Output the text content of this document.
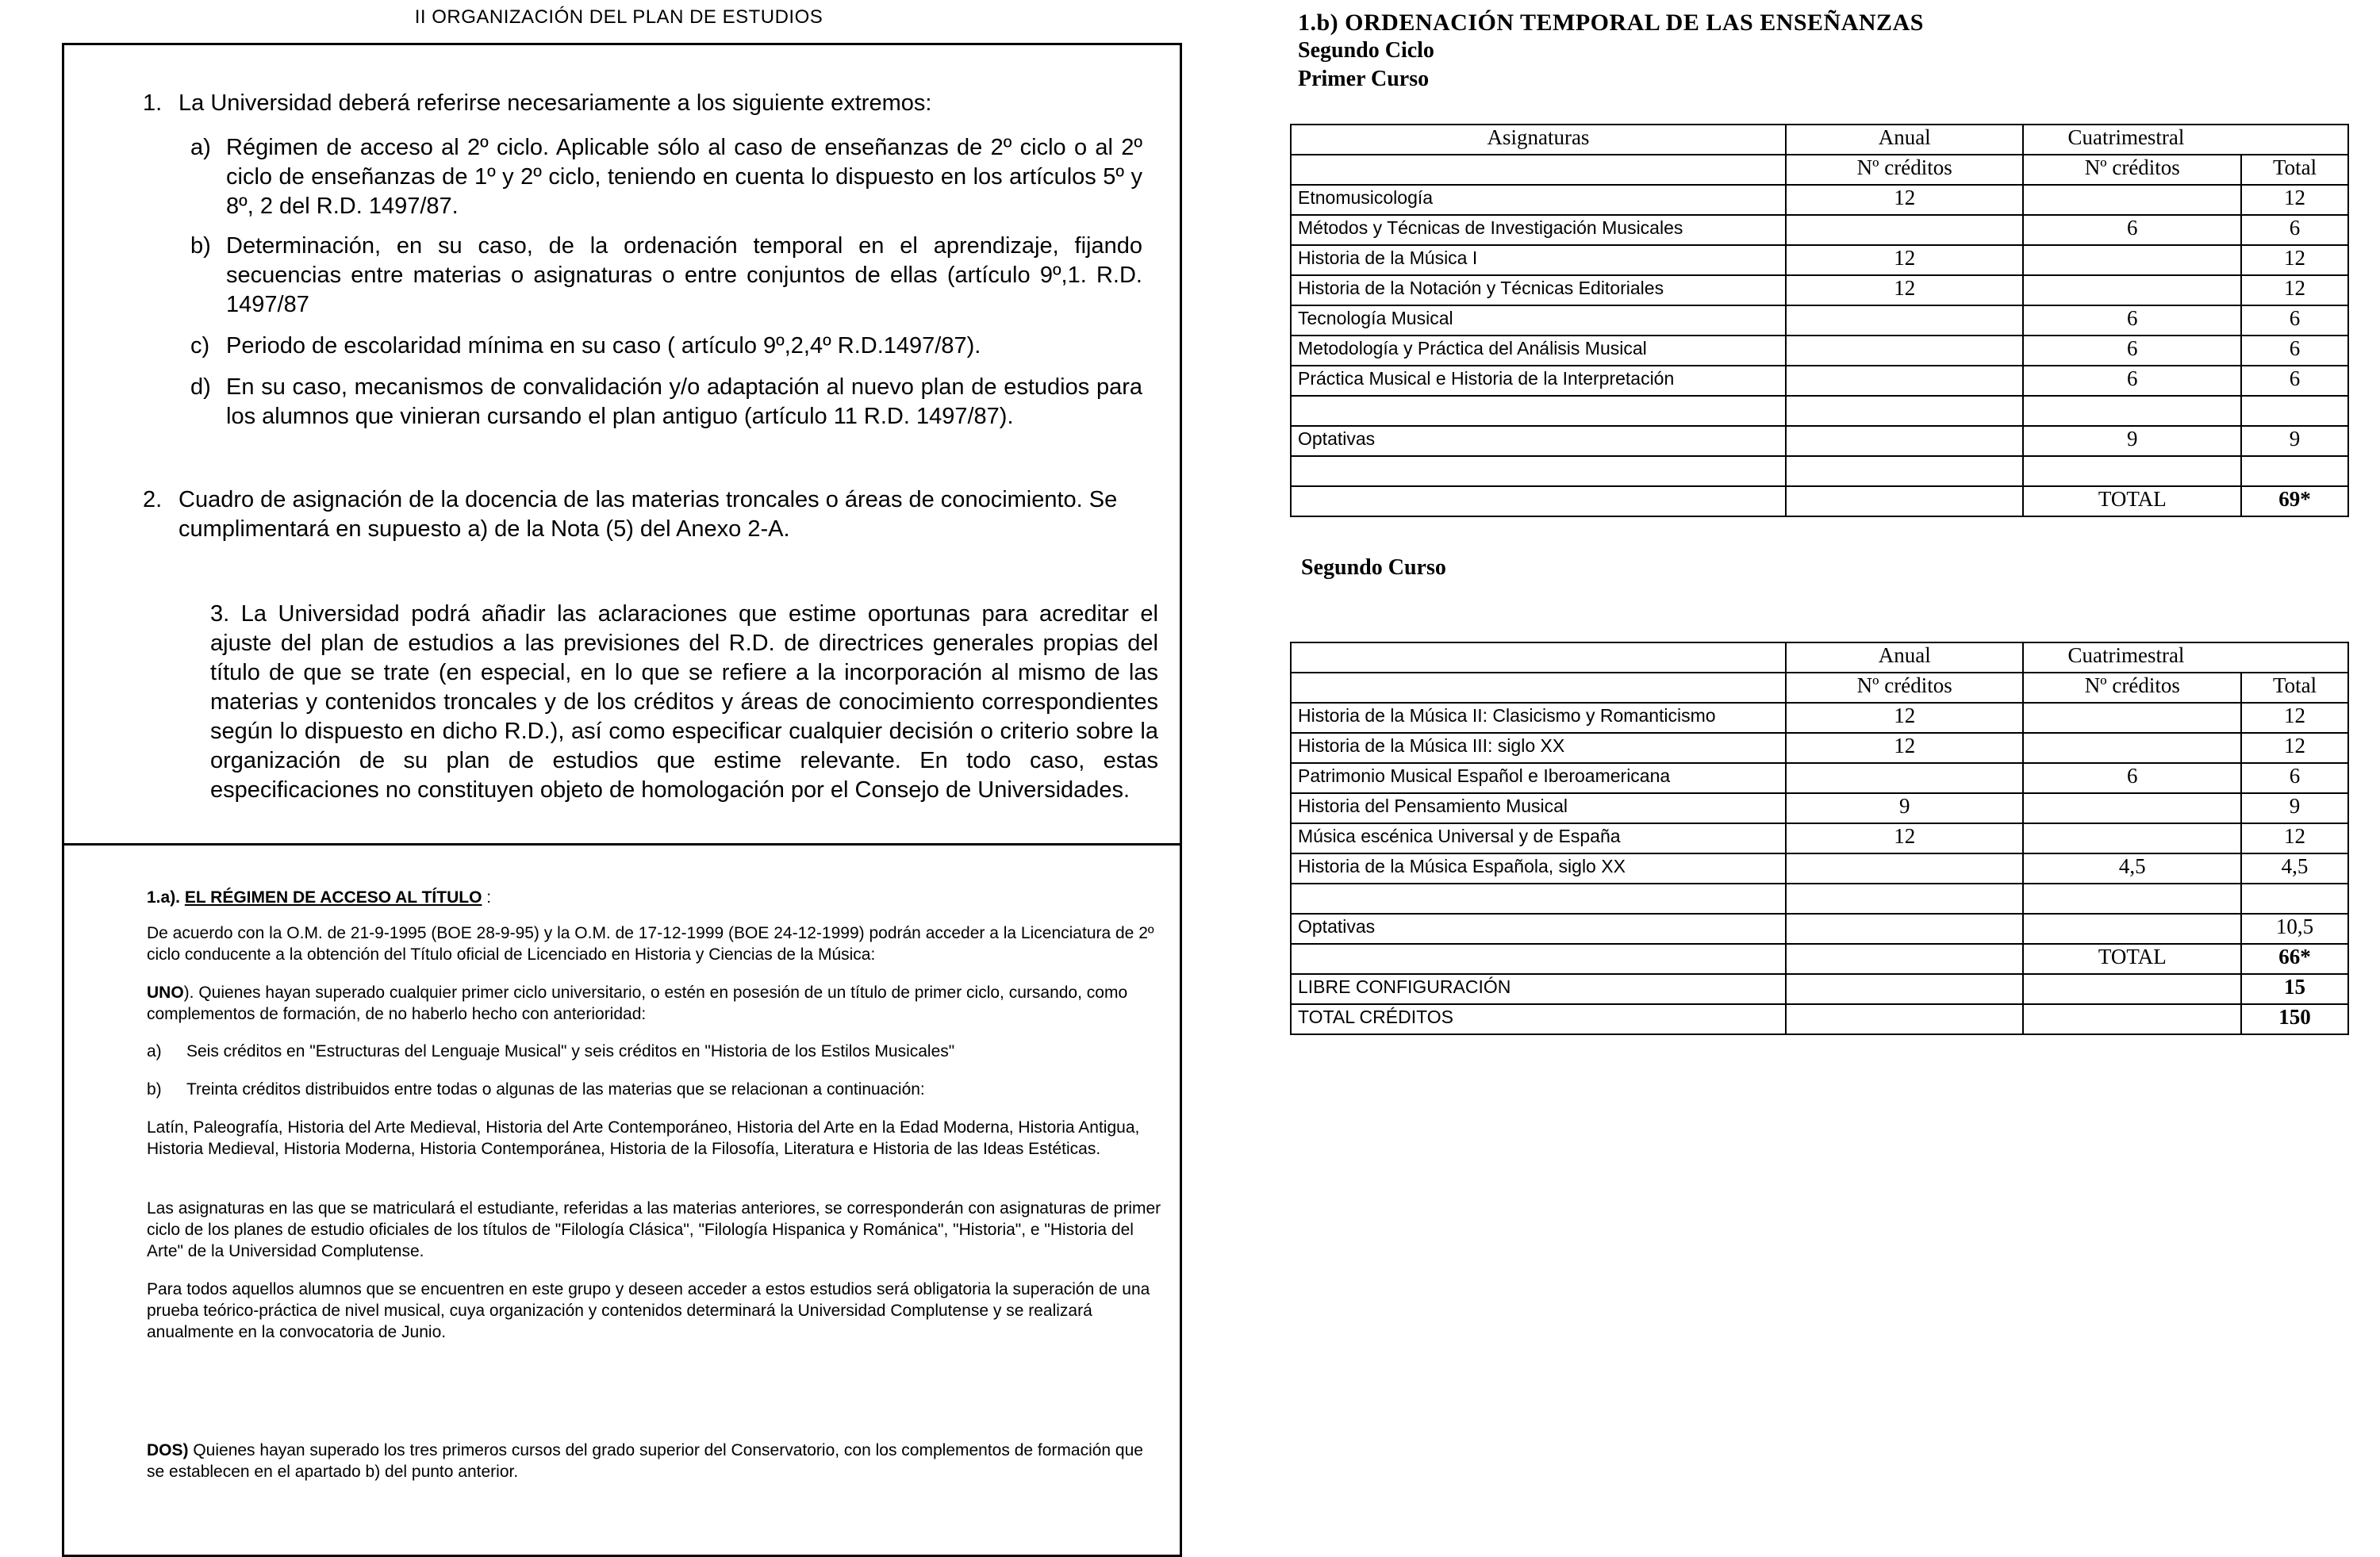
II ORGANIZACIÓN DEL PLAN DE ESTUDIOS
1. La Universidad deberá referirse necesariamente a los siguiente extremos:
a) Régimen de acceso al 2º ciclo. Aplicable sólo al caso de enseñanzas de 2º ciclo o al 2º ciclo de enseñanzas de 1º y 2º ciclo, teniendo en cuenta lo dispuesto en los artículos 5º y 8º, 2 del R.D. 1497/87.
b) Determinación, en su caso, de la ordenación temporal en el aprendizaje, fijando secuencias entre materias o asignaturas o entre conjuntos de ellas (artículo 9º,1. R.D. 1497/87
c) Periodo de escolaridad mínima en su caso ( artículo 9º,2,4º R.D.1497/87).
d) En su caso, mecanismos de convalidación y/o adaptación al nuevo plan de estudios para los alumnos que vinieran cursando el plan antiguo (artículo 11 R.D. 1497/87).
2. Cuadro de asignación de la docencia de las materias troncales o áreas de conocimiento. Se cumplimentará en supuesto a) de la Nota (5) del Anexo 2-A.
3. La Universidad podrá añadir las aclaraciones que estime oportunas para acreditar el ajuste del plan de estudios a las previsiones del R.D. de directrices generales propias del título de que se trate (en especial, en lo que se refiere a la incorporación al mismo de las materias y contenidos troncales y de los créditos y áreas de conocimiento correspondientes según lo dispuesto en dicho R.D.), así como especificar cualquier decisión o criterio sobre la organización de su plan de estudios que estime relevante. En todo caso, estas especificaciones no constituyen objeto de homologación por el Consejo de Universidades.
1.a). EL RÉGIMEN DE ACCESO AL TÍTULO :
De acuerdo con la O.M. de 21-9-1995 (BOE 28-9-95) y la O.M. de 17-12-1999 (BOE 24-12-1999) podrán acceder a la Licenciatura de 2º ciclo conducente a la obtención del Título oficial de Licenciado en Historia y Ciencias de la Música:
UNO). Quienes hayan superado cualquier primer ciclo universitario, o estén en posesión de un título de primer ciclo, cursando, como complementos de formación, de no haberlo hecho con anterioridad:
a) Seis créditos en "Estructuras del Lenguaje Musical" y seis créditos en "Historia de los Estilos Musicales"
b) Treinta créditos distribuidos entre todas o algunas de las materias que se relacionan a continuación:
Latín, Paleografía, Historia del Arte Medieval, Historia del Arte Contemporáneo, Historia del Arte en la Edad Moderna, Historia Antigua, Historia Medieval, Historia Moderna, Historia Contemporánea, Historia de la Filosofía, Literatura e Historia de las Ideas Estéticas.
Las asignaturas en las que se matriculará el estudiante, referidas a las materias anteriores, se corresponderán con asignaturas de primer ciclo de los planes de estudio oficiales de los títulos de "Filología Clásica", "Filología Hispanica y Románica", "Historia", e "Historia del Arte" de la Universidad Complutense.
Para todos aquellos alumnos que se encuentren en este grupo y deseen acceder a estos estudios será obligatoria la superación de una prueba teórico-práctica de nivel musical, cuya organización y contenidos determinará la Universidad Complutense y se realizará anualmente en la convocatoria de Junio.
DOS) Quienes hayan superado los tres primeros cursos del grado superior del Conservatorio, con los complementos de formación que se establecen en el apartado b) del punto anterior.
1.b) ORDENACIÓN TEMPORAL DE LAS ENSEÑANZAS
Segundo Ciclo
Primer Curso
Asignaturas	Anual	Cuatrimestral	
	Nº créditos	Nº créditos	Total
Etnomusicología	12		12
Métodos y Técnicas de Investigación Musicales		6	6
Historia de la Música I	12		12
Historia de la Notación y Técnicas Editoriales	12		12
Tecnología Musical		6	6
Metodología y Práctica del Análisis Musical		6	6
Práctica Musical e Historia de la Interpretación		6	6

Optativas		9	9

		TOTAL	69*
Segundo Curso
	Anual	Cuatrimestral	
	Nº créditos	Nº créditos	Total
Historia de la Música II: Clasicismo y Romanticismo	12		12
Historia de la Música III: siglo XX	12		12
Patrimonio Musical Español e Iberoamericana		6	6
Historia del Pensamiento Musical	9		9
Música escénica Universal y de España	12		12
Historia de la Música Española, siglo XX		4,5	4,5

Optativas			10,5
		TOTAL	66*
LIBRE CONFIGURACIÓN			15
TOTAL CRÉDITOS			150
